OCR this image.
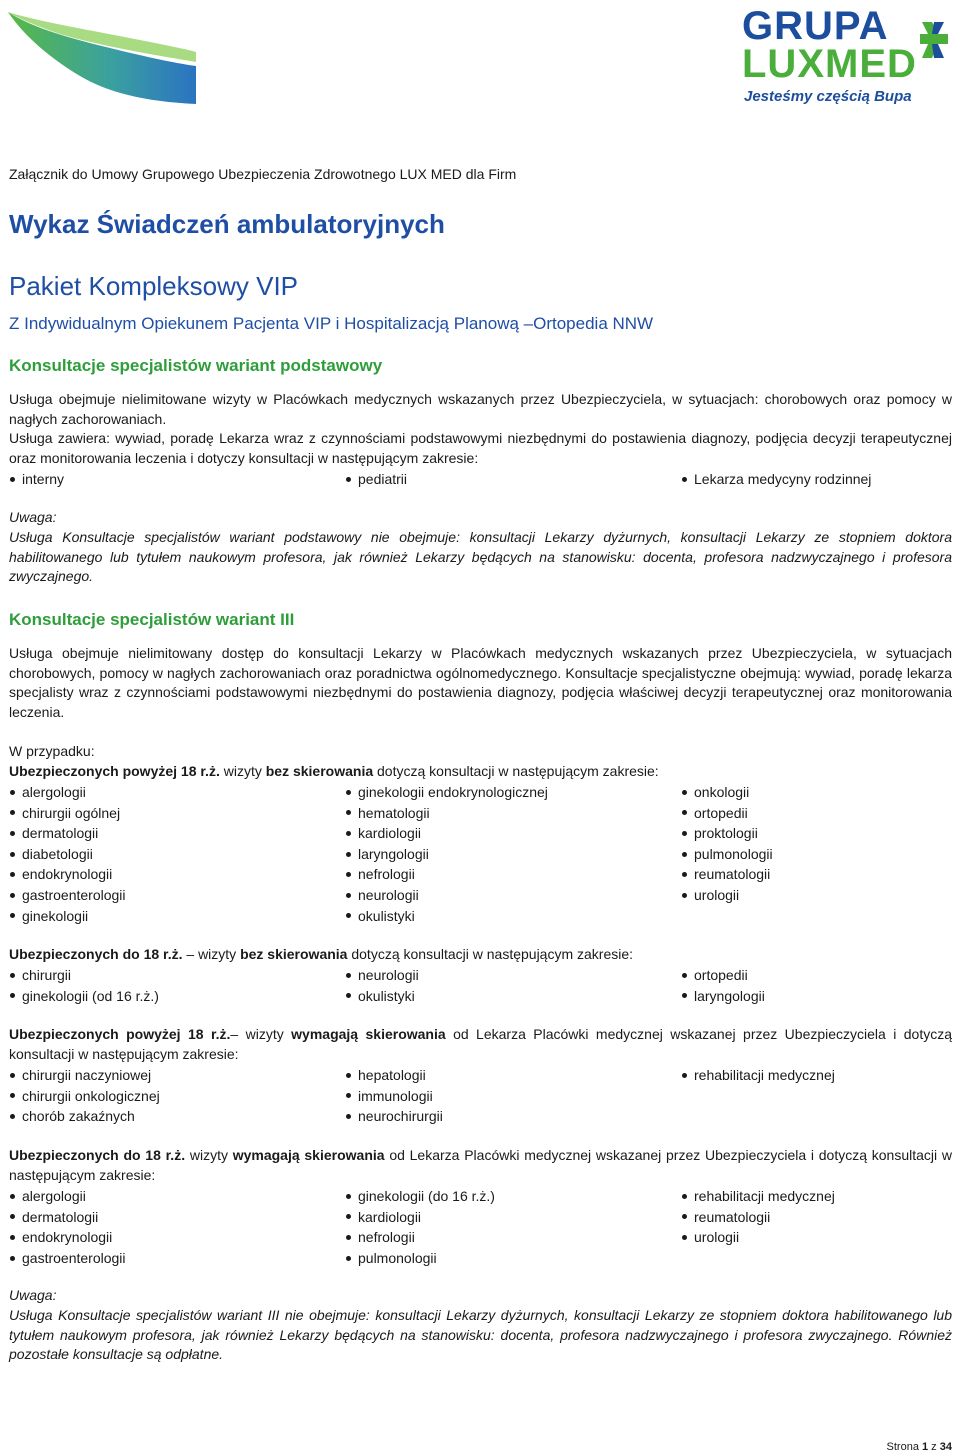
GRUPA
LUXMED
Jesteśmy częścią Bupa
Załącznik do Umowy Grupowego Ubezpieczenia Zdrowotnego LUX MED dla Firm
Wykaz Świadczeń ambulatoryjnych
Pakiet Kompleksowy VIP
Z Indywidualnym Opiekunem Pacjenta VIP i Hospitalizacją Planową –Ortopedia NNW
Konsultacje specjalistów wariant podstawowy
Usługa obejmuje nielimitowane wizyty w Placówkach medycznych wskazanych przez Ubezpieczyciela, w sytuacjach: chorobowych oraz pomocy w nagłych zachorowaniach.
Usługa zawiera: wywiad, poradę Lekarza wraz z czynnościami podstawowymi niezbędnymi do postawienia diagnozy, podjęcia decyzji terapeutycznej oraz monitorowania leczenia i dotyczy konsultacji w następującym zakresie:
interny	pediatrii	Lekarza medycyny rodzinnej
Uwaga:
Usługa Konsultacje specjalistów wariant podstawowy nie obejmuje: konsultacji Lekarzy dyżurnych, konsultacji Lekarzy ze stopniem doktora habilitowanego lub tytułem naukowym profesora, jak również Lekarzy będących na stanowisku: docenta, profesora nadzwyczajnego i profesora zwyczajnego.
Konsultacje specjalistów wariant III
Usługa obejmuje nielimitowany dostęp do konsultacji Lekarzy w Placówkach medycznych wskazanych przez Ubezpieczyciela, w sytuacjach chorobowych, pomocy w nagłych zachorowaniach oraz poradnictwa ogólnomedycznego. Konsultacje specjalistyczne obejmują: wywiad, poradę lekarza specjalisty wraz z czynnościami podstawowymi niezbędnymi do postawienia diagnozy, podjęcia właściwej decyzji terapeutycznej oraz monitorowania leczenia.
W przypadku:
Ubezpieczonych powyżej 18 r.ż. wizyty bez skierowania dotyczą konsultacji w następującym zakresie:
alergologii	ginekologii endokrynologicznej	onkologii
chirurgii ogólnej	hematologii	ortopedii
dermatologii	kardiologii	proktologii
diabetologii	laryngologii	pulmonologii
endokrynologii	nefrologii	reumatologii
gastroenterologii	neurologii	urologii
ginekologii	okulistyki
Ubezpieczonych do 18 r.ż. – wizyty bez skierowania dotyczą konsultacji w następującym zakresie:
chirurgii	neurologii	ortopedii
ginekologii (od 16 r.ż.)	okulistyki	laryngologii
Ubezpieczonych powyżej 18 r.ż.– wizyty wymagają skierowania od Lekarza Placówki medycznej wskazanej przez Ubezpieczyciela i dotyczą konsultacji w następującym zakresie:
chirurgii naczyniowej	hepatologii	rehabilitacji medycznej
chirurgii onkologicznej	immunologii
chorób zakaźnych	neurochirurgii
Ubezpieczonych do 18 r.ż. wizyty wymagają skierowania od Lekarza Placówki medycznej wskazanej przez Ubezpieczyciela i dotyczą konsultacji w następującym zakresie:
alergologii	ginekologii (do 16 r.ż.)	rehabilitacji medycznej
dermatologii	kardiologii	reumatologii
endokrynologii	nefrologii	urologii
gastroenterologii	pulmonologii
Uwaga:
Usługa Konsultacje specjalistów wariant III nie obejmuje: konsultacji Lekarzy dyżurnych, konsultacji Lekarzy ze stopniem doktora habilitowanego lub tytułem naukowym profesora, jak również Lekarzy będących na stanowisku: docenta, profesora nadzwyczajnego i profesora zwyczajnego. Również pozostałe konsultacje są odpłatne.
Strona 1 z 34
